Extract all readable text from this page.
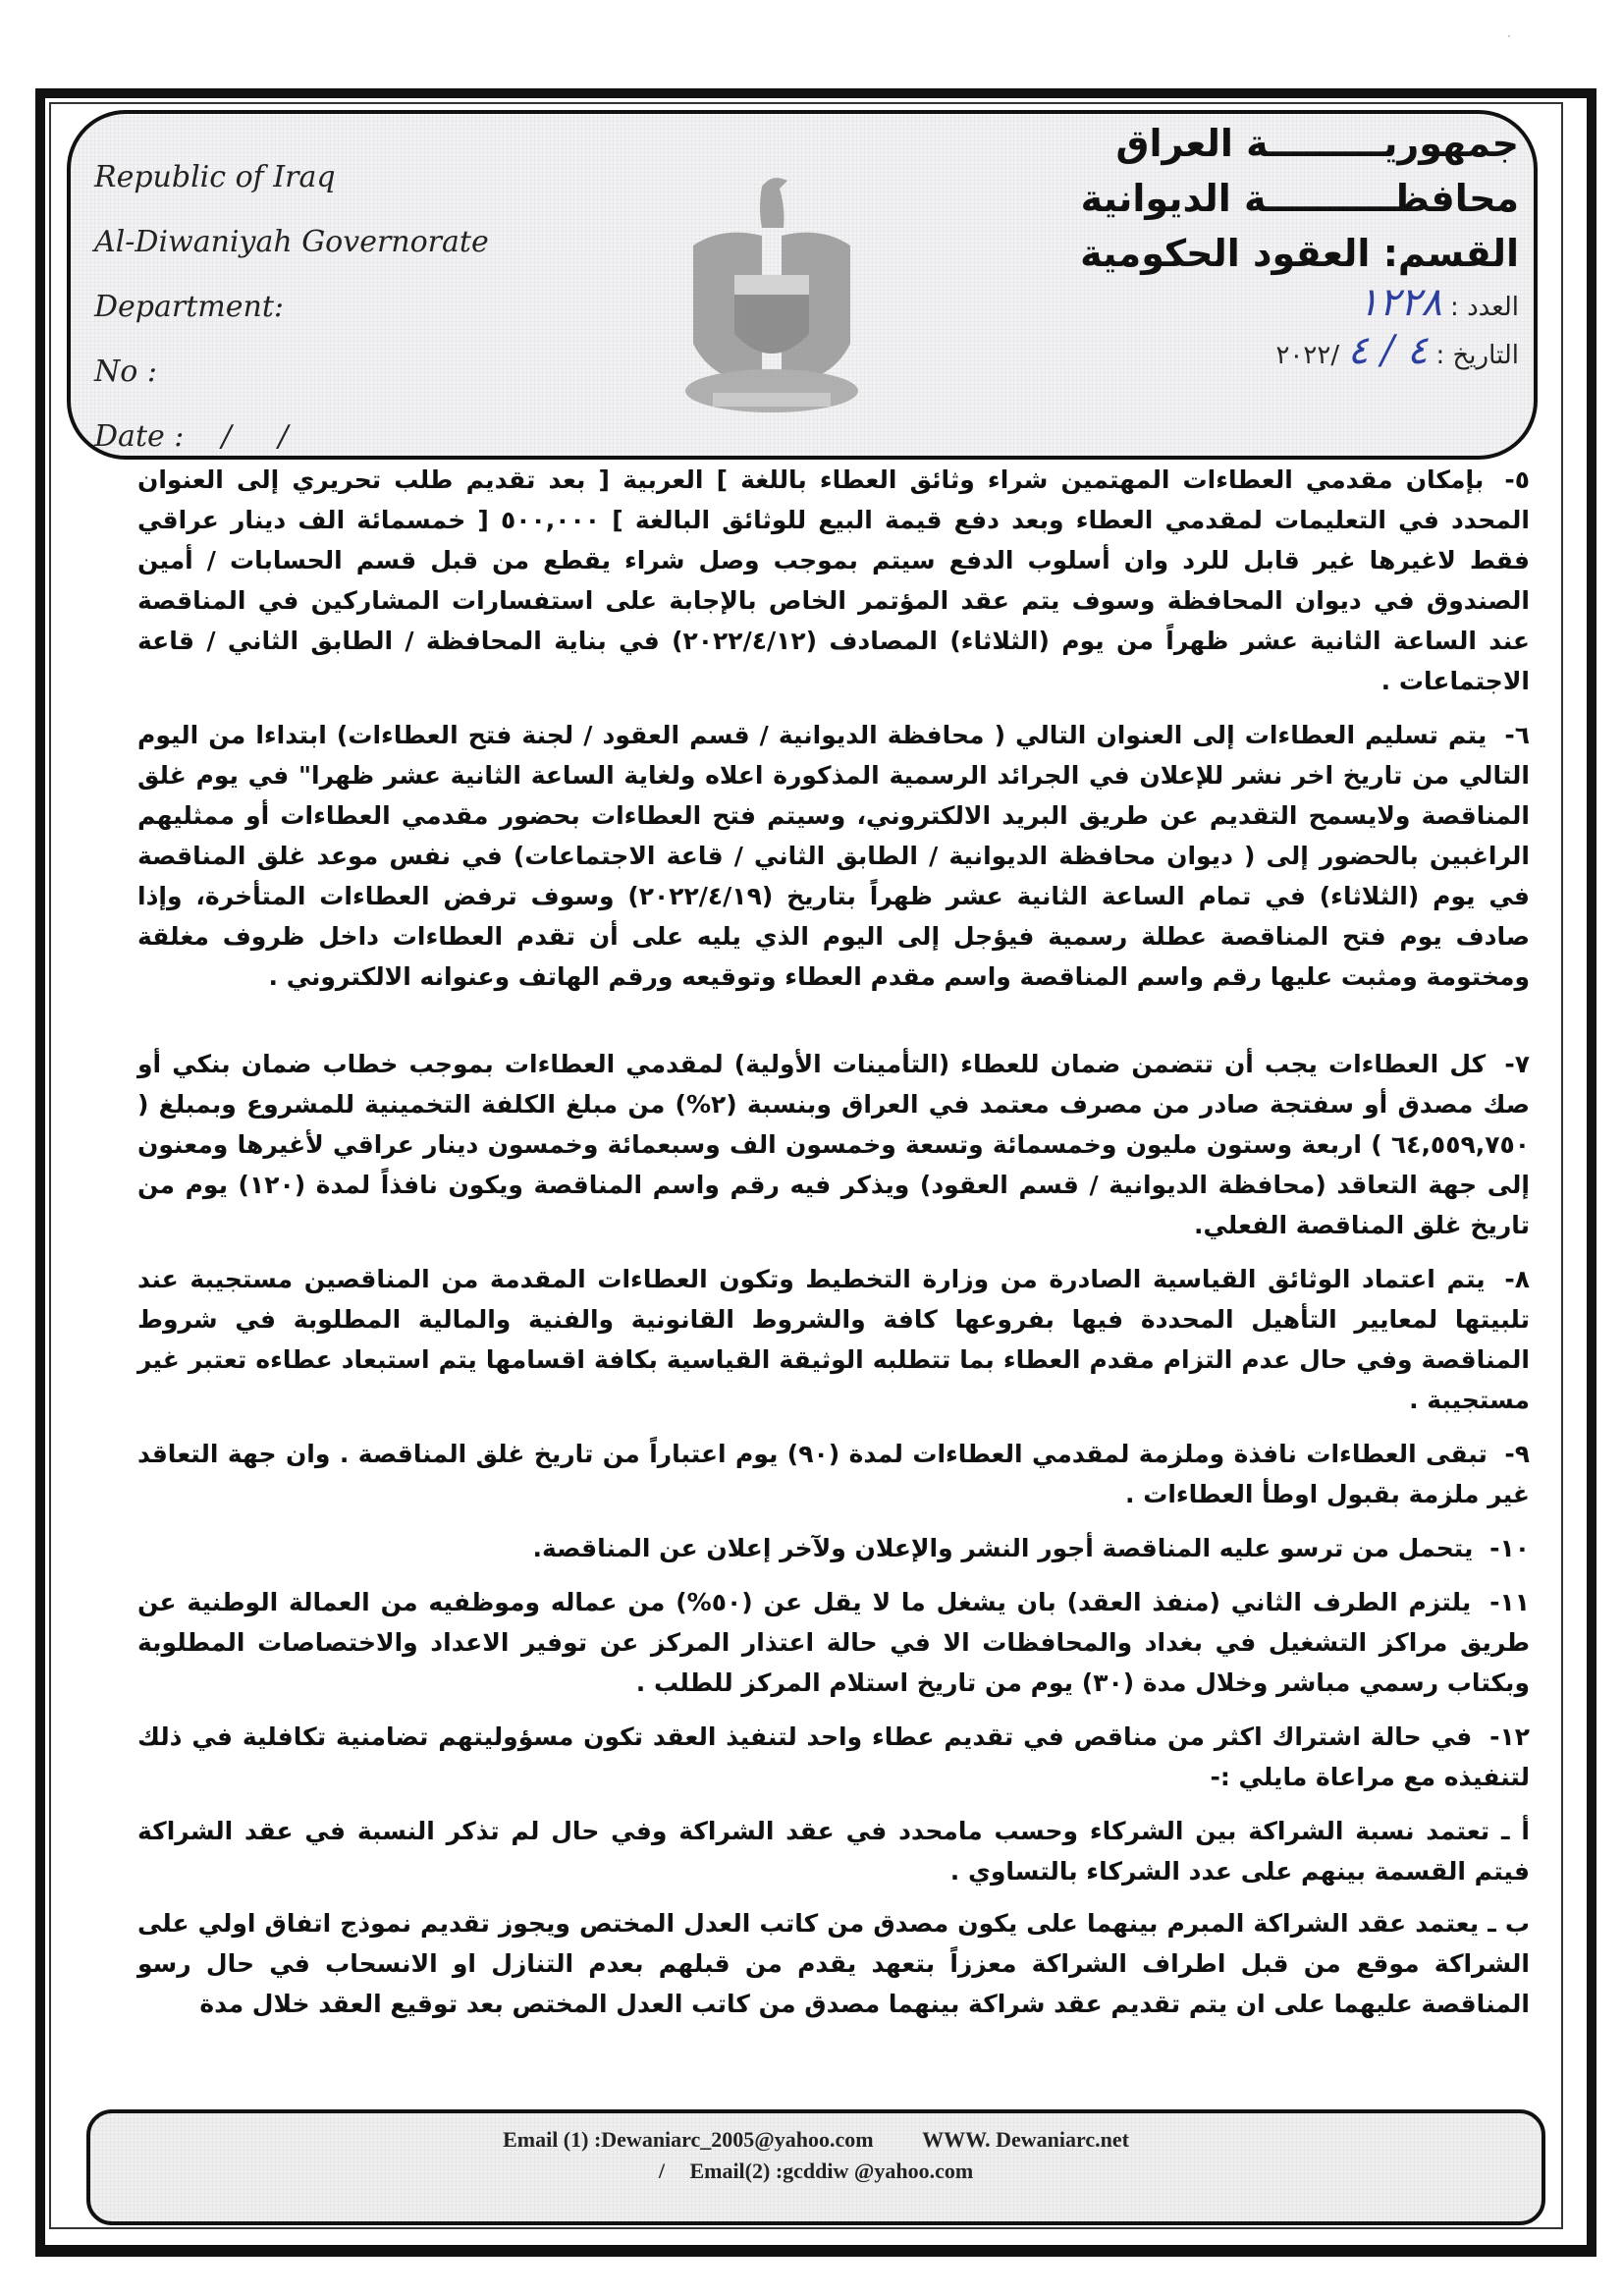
·
Republic of Iraq
Al-Diwaniyah Governorate
Department:
No :
Date : /     /
جمهوريـــــــــة العراق
محافظــــــــــة الديوانية
القسم: العقود الحكومية
العدد : ١٢٢٨
التاريخ : ٤ / ٤ /٢٠٢٢

٥- بإمكان مقدمي العطاءات المهتمين شراء وثائق العطاء باللغة ] العربية [ بعد تقديم طلب تحريري إلى العنوان المحدد في التعليمات لمقدمي العطاء وبعد دفع قيمة البيع للوثائق البالغة ] ٥٠٠,٠٠٠ [ خمسمائة الف دينار عراقي فقط لاغيرها غير قابل للرد وان أسلوب الدفع سيتم بموجب وصل شراء يقطع من قبل قسم الحسابات / أمين الصندوق في ديوان المحافظة وسوف يتم عقد المؤتمر الخاص بالإجابة على استفسارات المشاركين في المناقصة عند الساعة الثانية عشر ظهراً من يوم (الثلاثاء) المصادف (٢٠٢٢/٤/١٢) في بناية المحافظة / الطابق الثاني / قاعة الاجتماعات .

٦- يتم تسليم العطاءات إلى العنوان التالي ( محافظة الديوانية / قسم العقود / لجنة فتح العطاءات) ابتداءا من اليوم التالي من تاريخ اخر نشر للإعلان في الجرائد الرسمية المذكورة اعلاه ولغاية الساعة الثانية عشر ظهرا" في يوم غلق المناقصة ولايسمح التقديم عن طريق البريد الالكتروني، وسيتم فتح العطاءات بحضور مقدمي العطاءات أو ممثليهم الراغبين بالحضور إلى ( ديوان محافظة الديوانية / الطابق الثاني / قاعة الاجتماعات) في نفس موعد غلق المناقصة في يوم (الثلاثاء) في تمام الساعة الثانية عشر ظهراً بتاريخ (٢٠٢٢/٤/١٩) وسوف ترفض العطاءات المتأخرة، وإذا صادف يوم فتح المناقصة عطلة رسمية فيؤجل إلى اليوم الذي يليه على أن تقدم العطاءات داخل ظروف مغلقة ومختومة ومثبت عليها رقم واسم المناقصة واسم مقدم العطاء وتوقيعه ورقم الهاتف وعنوانه الالكتروني .

٧- كل العطاءات يجب أن تتضمن ضمان للعطاء (التأمينات الأولية) لمقدمي العطاءات بموجب خطاب ضمان بنكي أو صك مصدق أو سفتجة صادر من مصرف معتمد في العراق وبنسبة (٢%) من مبلغ الكلفة التخمينية للمشروع وبمبلغ ( ٦٤,٥٥٩,٧٥٠ ) اربعة وستون مليون وخمسمائة وتسعة وخمسون الف وسبعمائة وخمسون دينار عراقي لأغيرها ومعنون إلى جهة التعاقد (محافظة الديوانية / قسم العقود) ويذكر فيه رقم واسم المناقصة ويكون نافذاً لمدة (١٢٠) يوم من تاريخ غلق المناقصة الفعلي.

٨- يتم اعتماد الوثائق القياسية الصادرة من وزارة التخطيط وتكون العطاءات المقدمة من المناقصين مستجيبة عند تلبيتها لمعايير التأهيل المحددة فيها بفروعها كافة والشروط القانونية والفنية والمالية المطلوبة في شروط المناقصة وفي حال عدم التزام مقدم العطاء بما تتطلبه الوثيقة القياسية بكافة اقسامها يتم استبعاد عطاءه تعتبر غير مستجيبة .

٩- تبقى العطاءات نافذة وملزمة لمقدمي العطاءات لمدة (٩٠) يوم اعتباراً من تاريخ غلق المناقصة . وان جهة التعاقد غير ملزمة بقبول اوطأ العطاءات .

١٠- يتحمل من ترسو عليه المناقصة أجور النشر والإعلان ولآخر إعلان عن المناقصة.

١١- يلتزم الطرف الثاني (منفذ العقد) بان يشغل ما لا يقل عن (٥٠%) من عماله وموظفيه من العمالة الوطنية عن طريق مراكز التشغيل في بغداد والمحافظات الا في حالة اعتذار المركز عن توفير الاعداد والاختصاصات المطلوبة وبكتاب رسمي مباشر وخلال مدة (٣٠) يوم من تاريخ استلام المركز للطلب .

١٢- في حالة اشتراك اكثر من مناقص في تقديم عطاء واحد لتنفيذ العقد تكون مسؤوليتهم تضامنية تكافلية في ذلك لتنفيذه مع مراعاة مايلي :-

أ ـ تعتمد نسبة الشراكة بين الشركاء وحسب مامحدد في عقد الشراكة وفي حال لم تذكر النسبة في عقد الشراكة فيتم القسمة بينهم على عدد الشركاء بالتساوي .

ب ـ يعتمد عقد الشراكة المبرم بينهما على يكون مصدق من كاتب العدل المختص ويجوز تقديم نموذج اتفاق اولي على الشراكة موقع من قبل اطراف الشراكة معززاً بتعهد يقدم من قبلهم بعدم التنازل او الانسحاب في حال رسو المناقصة عليهما على ان يتم تقديم عقد شراكة بينهما مصدق من كاتب العدل المختص بعد توقيع العقد خلال مدة

Email (1) :Dewaniarc_2005@yahoo.com WWW. Dewaniarc.net
/ Email(2) :gcddiw @yahoo.com
